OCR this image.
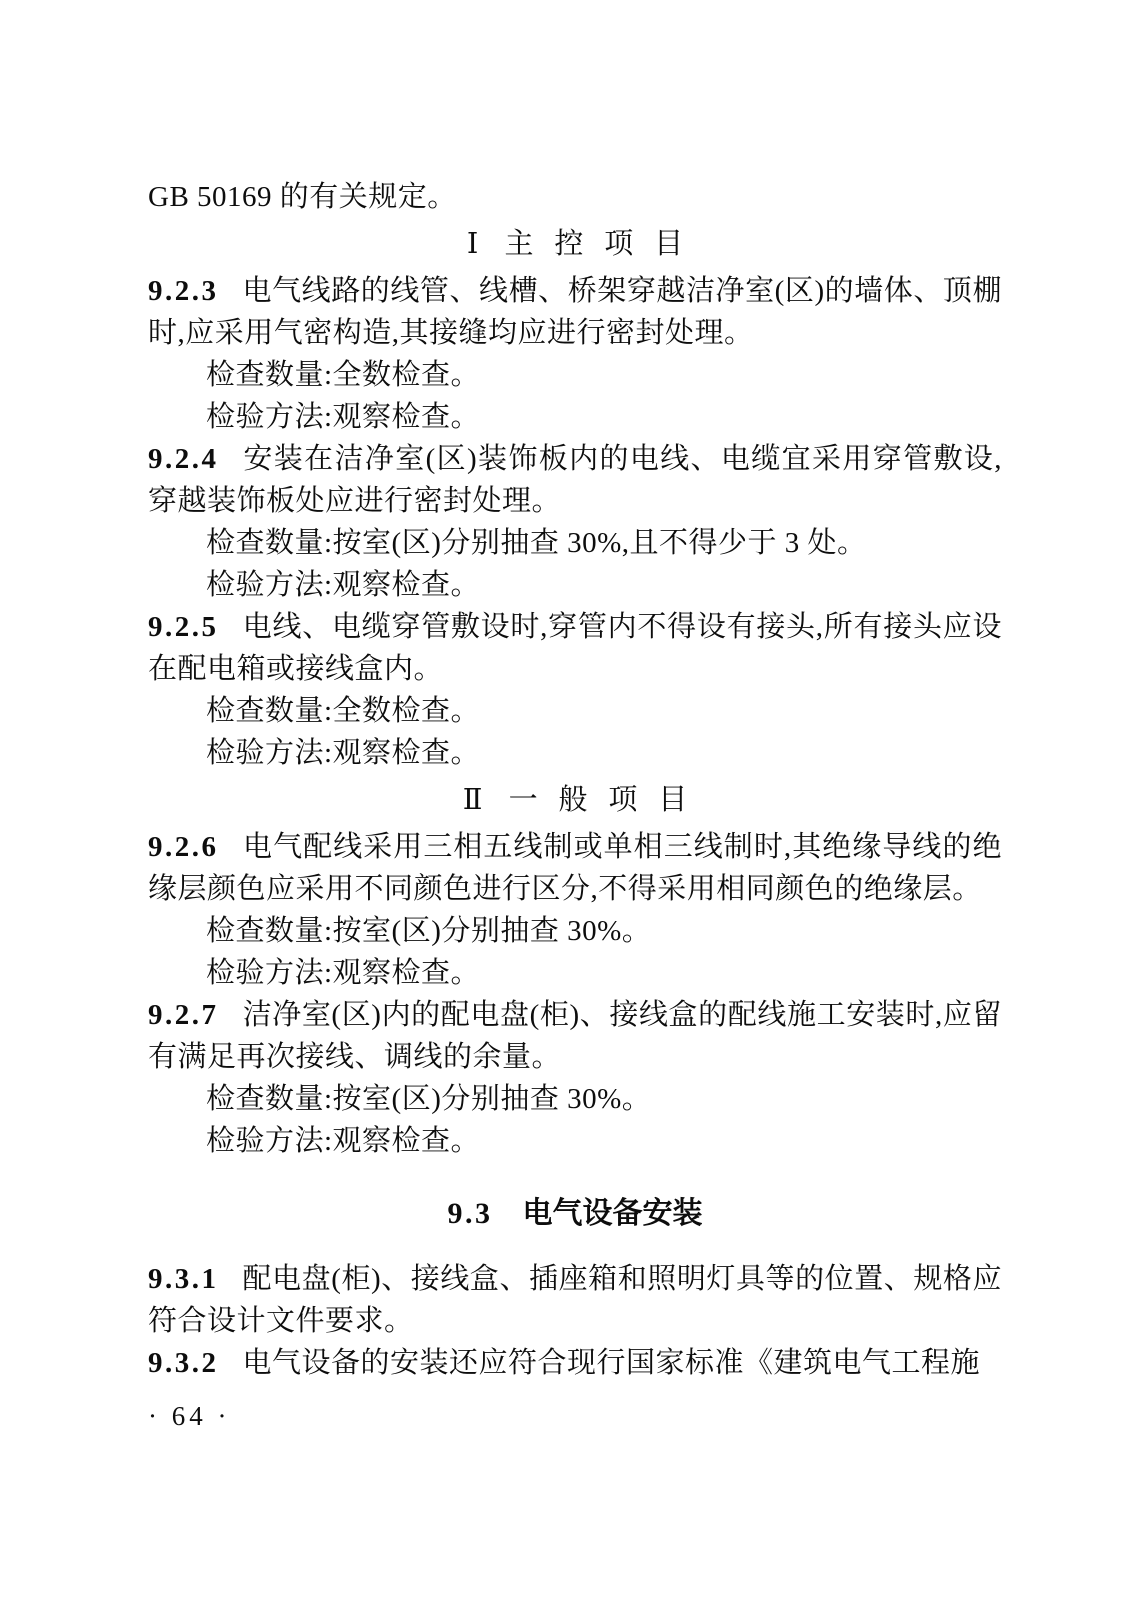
GB 50169 的有关规定。

Ⅰ 主控项目

9.2.3 电气线路的线管、线槽、桥架穿越洁净室(区)的墙体、顶棚时,应采用气密构造,其接缝均应进行密封处理。

检查数量:全数检查。

检验方法:观察检查。

9.2.4 安装在洁净室(区)装饰板内的电线、电缆宜采用穿管敷设,穿越装饰板处应进行密封处理。

检查数量:按室(区)分别抽查 30%,且不得少于 3 处。

检验方法:观察检查。

9.2.5 电线、电缆穿管敷设时,穿管内不得设有接头,所有接头应设在配电箱或接线盒内。

检查数量:全数检查。

检验方法:观察检查。

Ⅱ 一般项目

9.2.6 电气配线采用三相五线制或单相三线制时,其绝缘导线的绝缘层颜色应采用不同颜色进行区分,不得采用相同颜色的绝缘层。

检查数量:按室(区)分别抽查 30%。

检验方法:观察检查。

9.2.7 洁净室(区)内的配电盘(柜)、接线盒的配线施工安装时,应留有满足再次接线、调线的余量。

检查数量:按室(区)分别抽查 30%。

检验方法:观察检查。

9.3 电气设备安装

9.3.1 配电盘(柜)、接线盒、插座箱和照明灯具等的位置、规格应符合设计文件要求。

9.3.2 电气设备的安装还应符合现行国家标准《建筑电气工程施

· 64 ·
